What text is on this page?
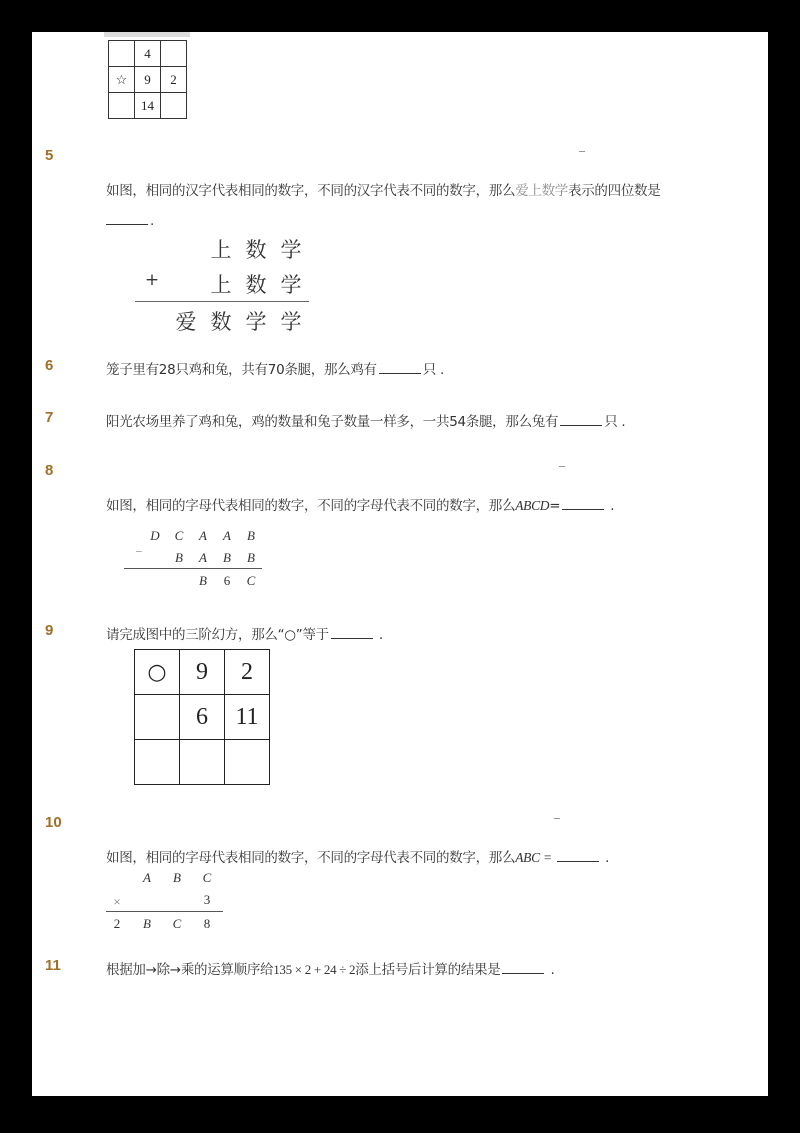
	4	
☆	9	2
	14	
5
如图，相同的汉字代表相同的数字，不同的汉字代表不同的数字，那么爱上数学表示的四位数是
.
上 数 学
+ 上 数 学
爱 数 学 学
6	笼子里有28只鸡和兔，共有70条腿，那么鸡有	只 .
7	阳光农场里养了鸡和兔，鸡的数量和兔子数量一样多，一共54条腿，那么兔有	只 .
8
如图，相同的字母代表相同的数字，不同的字母代表不同的数字，那么ABCD=	.
D C A A B
− B A B B
B 6 C
9	请完成图中的三阶幻方，那么“○”等于	.
○	9	2
	6	11

10
如图，相同的字母代表相同的数字，不同的字母代表不同的数字，那么ABC =	.
A B C
×	3
2 B C 8
11	根据加→除→乘的运算顺序给135 × 2 + 24 ÷ 2添上括号后计算的结果是	.
